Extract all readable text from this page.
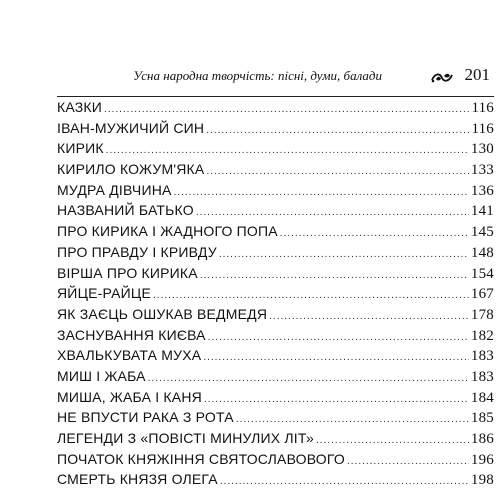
Усна народна творчість: пісні, думи, балади	201
КАЗКИ .....	116
ІВАН-МУЖИЧИЙ СИН .....	116
КИРИК .....	130
КИРИЛО КОЖУМ'ЯКА .....	133
МУДРА ДІВЧИНА .....	136
НАЗВАНИЙ БАТЬКО .....	141
ПРО КИРИКА І ЖАДНОГО ПОПА .....	145
ПРО ПРАВДУ І КРИВДУ .....	148
ВІРША ПРО КИРИКА .....	154
ЯЙЦЕ-РАЙЦЕ .....	167
ЯК ЗАЄЦЬ ОШУКАВ ВЕДМЕДЯ .....	178
ЗАСНУВАННЯ КИЄВА .....	182
ХВАЛЬКУВАТА МУХА .....	183
МИШ І ЖАБА .....	183
МИША, ЖАБА І КАНЯ .....	184
НЕ ВПУСТИ РАКА З РОТА .....	185
ЛЕГЕНДИ З «ПОВІСТІ МИНУЛИХ ЛІТ» .....	186
ПОЧАТОК КНЯЖІННЯ СВЯТОСЛАВОВОГО .....	196
СМЕРТЬ КНЯЗЯ ОЛЕГА .....	198
